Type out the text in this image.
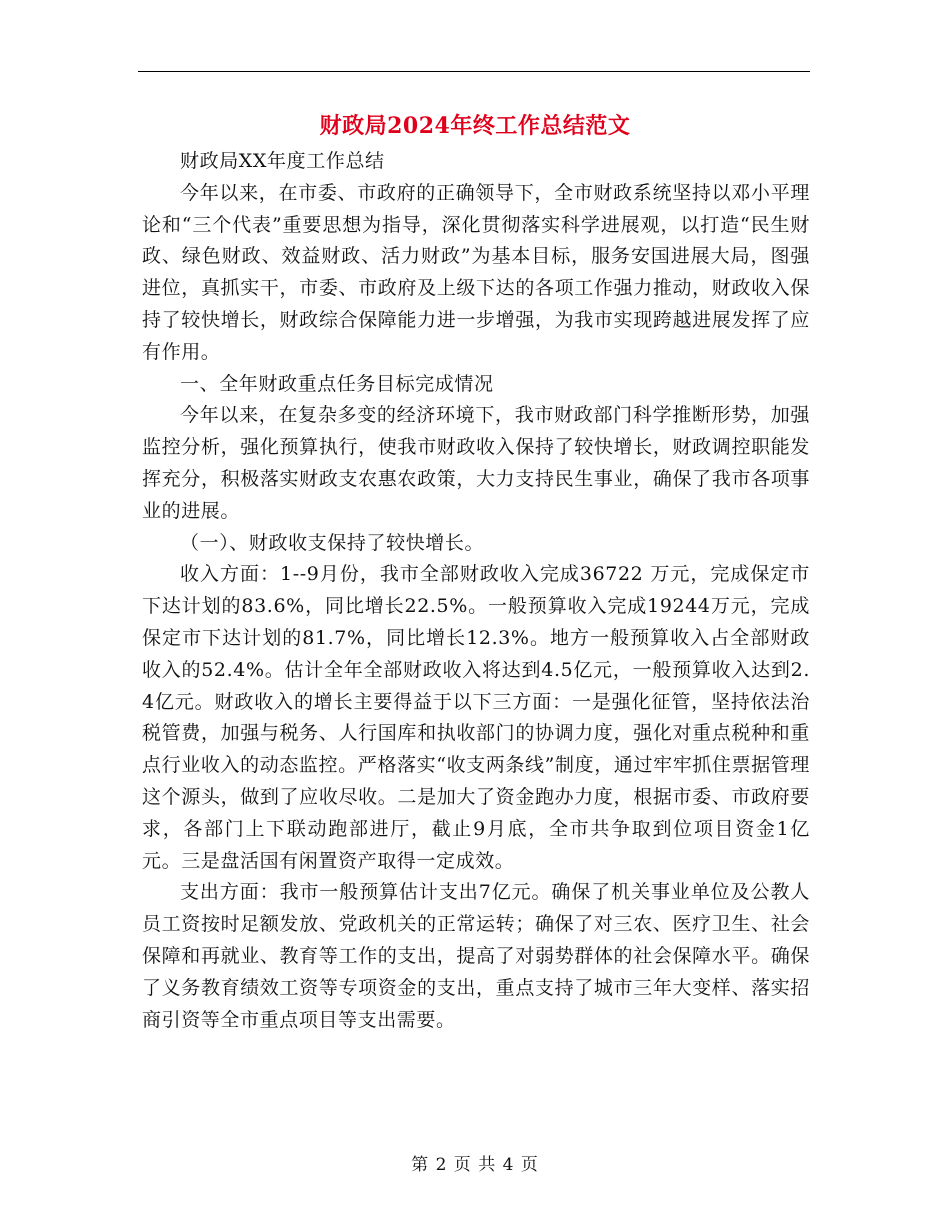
财政局2024年终工作总结范文

财政局XX年度工作总结

今年以来，在市委、市政府的正确领导下，全市财政系统坚持以邓小平理论和“三个代表”重要思想为指导，深化贯彻落实科学进展观，以打造“民生财政、绿色财政、效益财政、活力财政”为基本目标，服务安国进展大局，图强进位，真抓实干，市委、市政府及上级下达的各项工作强力推动，财政收入保持了较快增长，财政综合保障能力进一步增强，为我市实现跨越进展发挥了应有作用。

一、全年财政重点任务目标完成情况

今年以来，在复杂多变的经济环境下，我市财政部门科学推断形势，加强监控分析，强化预算执行，使我市财政收入保持了较快增长，财政调控职能发挥充分，积极落实财政支农惠农政策，大力支持民生事业，确保了我市各项事业的进展。

（一）、财政收支保持了较快增长。

收入方面：1--9月份，我市全部财政收入完成36722 万元，完成保定市下达计划的83.6%，同比增长22.5%。一般预算收入完成19244万元，完成保定市下达计划的81.7%，同比增长12.3%。地方一般预算收入占全部财政收入的52.4%。估计全年全部财政收入将达到4.5亿元，一般预算收入达到2.4亿元。财政收入的增长主要得益于以下三方面：一是强化征管，坚持依法治税管费，加强与税务、人行国库和执收部门的协调力度，强化对重点税种和重点行业收入的动态监控。严格落实“收支两条线”制度，通过牢牢抓住票据管理这个源头，做到了应收尽收。二是加大了资金跑办力度，根据市委、市政府要求，各部门上下联动跑部进厅，截止9月底，全市共争取到位项目资金1亿元。三是盘活国有闲置资产取得一定成效。

支出方面：我市一般预算估计支出7亿元。确保了机关事业单位及公教人员工资按时足额发放、党政机关的正常运转；确保了对三农、医疗卫生、社会保障和再就业、教育等工作的支出，提高了对弱势群体的社会保障水平。确保了义务教育绩效工资等专项资金的支出，重点支持了城市三年大变样、落实招商引资等全市重点项目等支出需要。

第 2 页 共 4 页
